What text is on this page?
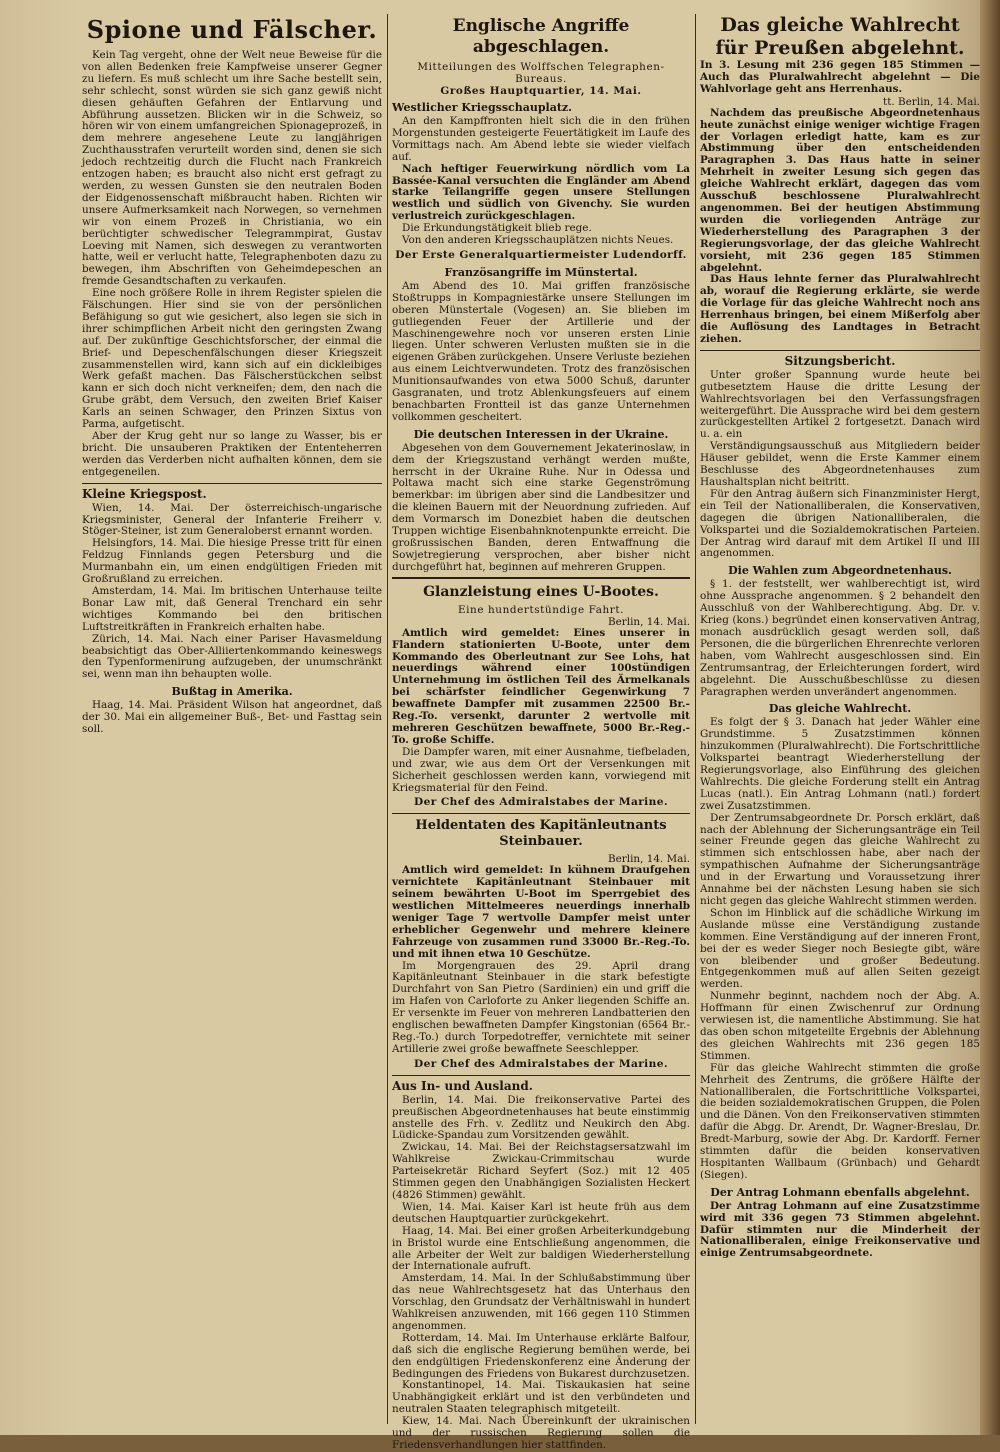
Spione und Fälscher.

Kein Tag vergeht, ohne der Welt neue Beweise für die von allen Bedenken freie Kampfweise unserer Gegner zu liefern. Es muß schlecht um ihre Sache bestellt sein, sehr schlecht, sonst würden sie sich ganz gewiß nicht diesen gehäuften Gefahren der Entlarvung und Abführung aussetzen. Blicken wir in die Schweiz, so hören wir von einem umfangreichen Spionageprozeß, in dem mehrere angesehene Leute zu langjährigen Zuchthausstrafen verurteilt worden sind, denen sie sich jedoch rechtzeitig durch die Flucht nach Frankreich entzogen haben; es braucht also nicht erst gefragt zu werden, zu wessen Gunsten sie den neutralen Boden der Eidgenossenschaft mißbraucht haben. Richten wir unsere Aufmerksamkeit nach Norwegen, so vernehmen wir von einem Prozeß in Christiania, wo ein berüchtigter schwedischer Telegrammpirat, Gustav Loeving mit Namen, sich deswegen zu verantworten hatte, weil er verlucht hatte, Telegraphenboten dazu zu bewegen, ihm Abschriften von Geheimdepeschen an fremde Gesandtschaften zu verkaufen.

Eine noch größere Rolle in ihrem Register spielen die Fälschungen. Hier sind sie von der persönlichen Befähigung so gut wie gesichert, also legen sie sich in ihrer schimpflichen Arbeit nicht den geringsten Zwang auf. Der zukünftige Geschichtsforscher, der einmal die Brief- und Depeschenfälschungen dieser Kriegszeit zusammenstellen wird, kann sich auf ein dickleibiges Werk gefaßt machen. Das Fälscherstückchen selbst kann er sich doch nicht verkneifen; dem, den nach die Grube gräbt, dem Versuch, den zweiten Brief Kaiser Karls an seinen Schwager, den Prinzen Sixtus von Parma, aufgetischt.

Aber der Krug geht nur so lange zu Wasser, bis er bricht. Die unsauberen Praktiken der Ententeherren werden das Verderben nicht aufhalten können, dem sie entgegeneilen.

Kleine Kriegspost.

Wien, 14. Mai. Der österreichisch-ungarische Kriegsminister, General der Infanterie Freiherr v. Stöger-Steiner, ist zum Generaloberst ernannt worden.

Helsingfors, 14. Mai. Die hiesige Presse tritt für einen Feldzug Finnlands gegen Petersburg und die Murmanbahn ein, um einen endgültigen Frieden mit Großrußland zu erreichen.

Amsterdam, 14. Mai. Im britischen Unterhause teilte Bonar Law mit, daß General Trenchard ein sehr wichtiges Kommando bei den britischen Luftstreitkräften in Frankreich erhalten habe.

Zürich, 14. Mai. Nach einer Pariser Havasmeldung beabsichtigt das Ober-Alliiertenkommando keineswegs den Typenformenirung aufzugeben, der unumschränkt sei, wenn man ihn behaupten wolle.

Bußtag in Amerika.

Haag, 14. Mai. Präsident Wilson hat angeordnet, daß der 30. Mai ein allgemeiner Buß-, Bet- und Fasttag sein soll.

Englische Angriffe abgeschlagen.
Mitteilungen des Wolffschen Telegraphen-Bureaus.
Großes Hauptquartier, 14. Mai.
Westlicher Kriegsschauplatz.

An den Kampffronten hielt sich die in den frühen Morgenstunden gesteigerte Feuertätigkeit im Laufe des Vormittags nach. Am Abend lebte sie wieder vielfach auf.

Nach heftiger Feuerwirkung nördlich vom La Bassée-Kanal versuchten die Engländer am Abend starke Teilangriffe gegen unsere Stellungen westlich und südlich von Givenchy. Sie wurden verlustreich zurückgeschlagen.

Die Erkundungstätigkeit blieb rege.

Von den anderen Kriegsschauplätzen nichts Neues.

Der Erste Generalquartiermeister Ludendorff.
Französangriffe im Münstertal.

Am Abend des 10. Mai griffen französische Stoßtrupps in Kompagniestärke unsere Stellungen im oberen Münstertale (Vogesen) an. Sie blieben im gutliegenden Feuer der Artillerie und der Maschinengewehre noch vor unseren ersten Linie liegen. Unter schweren Verlusten mußten sie in die eigenen Gräben zurückgehen. Unsere Verluste beziehen aus einem Leichtverwundeten. Trotz des französischen Munitionsaufwandes von etwa 5000 Schuß, darunter Gasgranaten, und trotz Ablenkungsfeuers auf einem benachbarten Frontteil ist das ganze Unternehmen vollkommen gescheitert.

Die deutschen Interessen in der Ukraine.

Abgesehen von dem Gouvernement Jekaterinoslaw, in dem der Kriegszustand verhängt werden mußte, herrscht in der Ukraine Ruhe. Nur in Odessa und Poltawa macht sich eine starke Gegenströmung bemerkbar: im übrigen aber sind die Landbesitzer und die kleinen Bauern mit der Neuordnung zufrieden. Auf dem Vormarsch im Donezbiet haben die deutschen Truppen wichtige Eisenbahnknotenpunkte erreicht. Die großrussischen Banden, deren Entwaffnung die Sowjetregierung versprochen, aber bisher nicht durchgeführt hat, beginnen auf mehreren Gruppen.

Glanzleistung eines U-Bootes.
Eine hundertstündige Fahrt.
Berlin, 14. Mai.

Amtlich wird gemeldet: Eines unserer in Flandern stationierten U-Boote, unter dem Kommando des Oberleutnant zur See Lohs, hat neuerdings während einer 100stündigen Unternehmung im östlichen Teil des Ärmelkanals bei schärfster feindlicher Gegenwirkung 7 bewaffnete Dampfer mit zusammen 22500 Br.-Reg.-To. versenkt, darunter 2 wertvolle mit mehreren Geschützen bewaffnete, 5000 Br.-Reg.-To. große Schiffe.

Die Dampfer waren, mit einer Ausnahme, tiefbeladen, und zwar, wie aus dem Ort der Versenkungen mit Sicherheit geschlossen werden kann, vorwiegend mit Kriegsmaterial für den Feind.

Der Chef des Admiralstabes der Marine.
Heldentaten des Kapitänleutnants Steinbauer.
Berlin, 14. Mai.

Amtlich wird gemeldet: In kühnem Draufgehen vernichtete Kapitänleutnant Steinbauer mit seinem bewährten U-Boot im Sperrgebiet des westlichen Mittelmeeres neuerdings innerhalb weniger Tage 7 wertvolle Dampfer meist unter erheblicher Gegenwehr und mehrere kleinere Fahrzeuge von zusammen rund 33000 Br.-Reg.-To. und mit ihnen etwa 10 Geschütze.

Im Morgengrauen des 29. April drang Kapitänleutnant Steinbauer in die stark befestigte Durchfahrt von San Pietro (Sardinien) ein und griff die im Hafen von Carloforte zu Anker liegenden Schiffe an. Er versenkte im Feuer von mehreren Landbatterien den englischen bewaffneten Dampfer Kingstonian (6564 Br.-Reg.-To.) durch Torpedotreffer, vernichtete mit seiner Artillerie zwei große bewaffnete Seeschlepper.

Der Chef des Admiralstabes der Marine.
Aus In- und Ausland.

Berlin, 14. Mai. Die freikonservative Partei des preußischen Abgeordnetenhauses hat beute einstimmig anstelle des Frh. v. Zedlitz und Neukirch den Abg. Lüdicke-Spandau zum Vorsitzenden gewählt.

Zwickau, 14. Mai. Bei der Reichstagsersatzwahl im Wahlkreise Zwickau-Crimmitschau wurde Parteisekretär Richard Seyfert (Soz.) mit 12 405 Stimmen gegen den Unabhängigen Sozialisten Heckert (4826 Stimmen) gewählt.

Wien, 14. Mai. Kaiser Karl ist heute früh aus dem deutschen Hauptquartier zurückgekehrt.

Haag, 14. Mai. Bei einer großen Arbeiterkundgebung in Bristol wurde eine Entschließung angenommen, die alle Arbeiter der Welt zur baldigen Wiederherstellung der Internationale aufruft.

Amsterdam, 14. Mai. In der Schlußabstimmung über das neue Wahlrechtsgesetz hat das Unterhaus den Vorschlag, den Grundsatz der Verhältniswahl in hundert Wahlkreisen anzuwenden, mit 166 gegen 110 Stimmen angenommen.

Rotterdam, 14. Mai. Im Unterhause erklärte Balfour, daß sich die englische Regierung bemühen werde, bei den endgültigen Friedenskonferenz eine Änderung der Bedingungen des Friedens von Bukarest durchzusetzen.

Konstantinopel, 14. Mai. Tiskaukasien hat seine Unabhängigkeit erklärt und ist den verbündeten und neutralen Staaten telegraphisch mitgeteilt.

Kiew, 14. Mai. Nach Übereinkunft der ukrainischen und der russischen Regierung sollen die Friedensverhandlungen hier stattfinden.

Das gleiche Wahlrecht
für Preußen abgelehnt.

In 3. Lesung mit 236 gegen 185 Stimmen — Auch das Pluralwahlrecht abgelehnt — Die Wahlvorlage geht ans Herrenhaus.

tt. Berlin, 14. Mai.

Nachdem das preußische Abgeordnetenhaus heute zunächst einige weniger wichtige Fragen der Vorlagen erledigt hatte, kam es zur Abstimmung über den entscheidenden Paragraphen 3. Das Haus hatte in seiner Mehrheit in zweiter Lesung sich gegen das gleiche Wahlrecht erklärt, dagegen das vom Ausschuß beschlossene Pluralwahlrecht angenommen. Bei der heutigen Abstimmung wurden die vorliegenden Anträge zur Wiederherstellung des Paragraphen 3 der Regierungsvorlage, der das gleiche Wahlrecht vorsieht, mit 236 gegen 185 Stimmen abgelehnt.

Das Haus lehnte ferner das Pluralwahlrecht ab, worauf die Regierung erklärte, sie werde die Vorlage für das gleiche Wahlrecht noch ans Herrenhaus bringen, bei einem Mißerfolg aber die Auflösung des Landtages in Betracht ziehen.

Sitzungsbericht.

Unter großer Spannung wurde heute bei gutbesetztem Hause die dritte Lesung der Wahlrechtsvorlagen bei den Verfassungsfragen weitergeführt. Die Aussprache wird bei dem gestern zurückgestellten Artikel 2 fortgesetzt. Danach wird u. a. ein

Verständigungsausschuß aus Mitgliedern beider Häuser gebildet, wenn die Erste Kammer einem Beschlusse des Abgeordnetenhauses zum Haushaltsplan nicht beitritt.

Für den Antrag äußern sich Finanzminister Hergt, ein Teil der Nationalliberalen, die Konservativen, dagegen die übrigen Nationalliberalen, die Volkspartei und die Sozialdemokratischen Parteien. Der Antrag wird darauf mit dem Artikel II und III angenommen.

Die Wahlen zum Abgeordnetenhaus.

§ 1. der feststellt, wer wahlberechtigt ist, wird ohne Aussprache angenommen. § 2 behandelt den Ausschluß von der Wahlberechtigung. Abg. Dr. v. Krieg (kons.) begründet einen konservativen Antrag, monach ausdrücklich gesagt werden soll, daß Personen, die die bürgerlichen Ehrenrechte verloren haben, vom Wahlrecht ausgeschlossen sind. Ein Zentrumsantrag, der Erleichterungen fordert, wird abgelehnt. Die Ausschußbeschlüsse zu diesen Paragraphen werden unverändert angenommen.

Das gleiche Wahlrecht.

Es folgt der § 3. Danach hat jeder Wähler eine Grundstimme. 5 Zusatzstimmen können hinzukommen (Pluralwahlrecht). Die Fortschrittliche Volkspartei beantragt Wiederherstellung der Regierungsvorlage, also Einführung des gleichen Wahlrechts. Die gleiche Forderung stellt ein Antrag Lucas (natl.). Ein Antrag Lohmann (natl.) fordert zwei Zusatzstimmen.

Der Zentrumsabgeordnete Dr. Porsch erklärt, daß nach der Ablehnung der Sicherungsanträge ein Teil seiner Freunde gegen das gleiche Wahlrecht zu stimmen sich entschlossen habe, aber nach der sympathischen Aufnahme der Sicherungsanträge und in der Erwartung und Voraussetzung ihrer Annahme bei der nächsten Lesung haben sie sich nicht gegen das gleiche Wahlrecht stimmen werden.

Schon im Hinblick auf die schädliche Wirkung im Auslande müsse eine Verständigung zustande kommen. Eine Verständigung auf der inneren Front, bei der es weder Sieger noch Besiegte gibt, wäre von bleibender und großer Bedeutung. Entgegenkommen muß auf allen Seiten gezeigt werden.

Nunmehr beginnt, nachdem noch der Abg. A. Hoffmann für einen Zwischenruf zur Ordnung verwiesen ist, die namentliche Abstimmung. Sie hat das oben schon mitgeteilte Ergebnis der Ablehnung des gleichen Wahlrechts mit 236 gegen 185 Stimmen.

Für das gleiche Wahlrecht stimmten die große Mehrheit des Zentrums, die größere Hälfte der Nationalliberalen, die Fortschrittliche Volkspartei, die beiden sozialdemokratischen Gruppen, die Polen und die Dänen. Von den Freikonservativen stimmten dafür die Abgg. Dr. Arendt, Dr. Wagner-Breslau, Dr. Bredt-Marburg, sowie der Abg. Dr. Kardorff. Ferner stimmten dafür die beiden konservativen Hospitanten Wallbaum (Grünbach) und Gehardt (Siegen).

Der Antrag Lohmann ebenfalls abgelehnt.

Der Antrag Lohmann auf eine Zusatzstimme wird mit 336 gegen 73 Stimmen abgelehnt. Dafür stimmten nur die Minderheit der Nationalliberalen, einige Freikonservative und einige Zentrumsabgeordnete.
